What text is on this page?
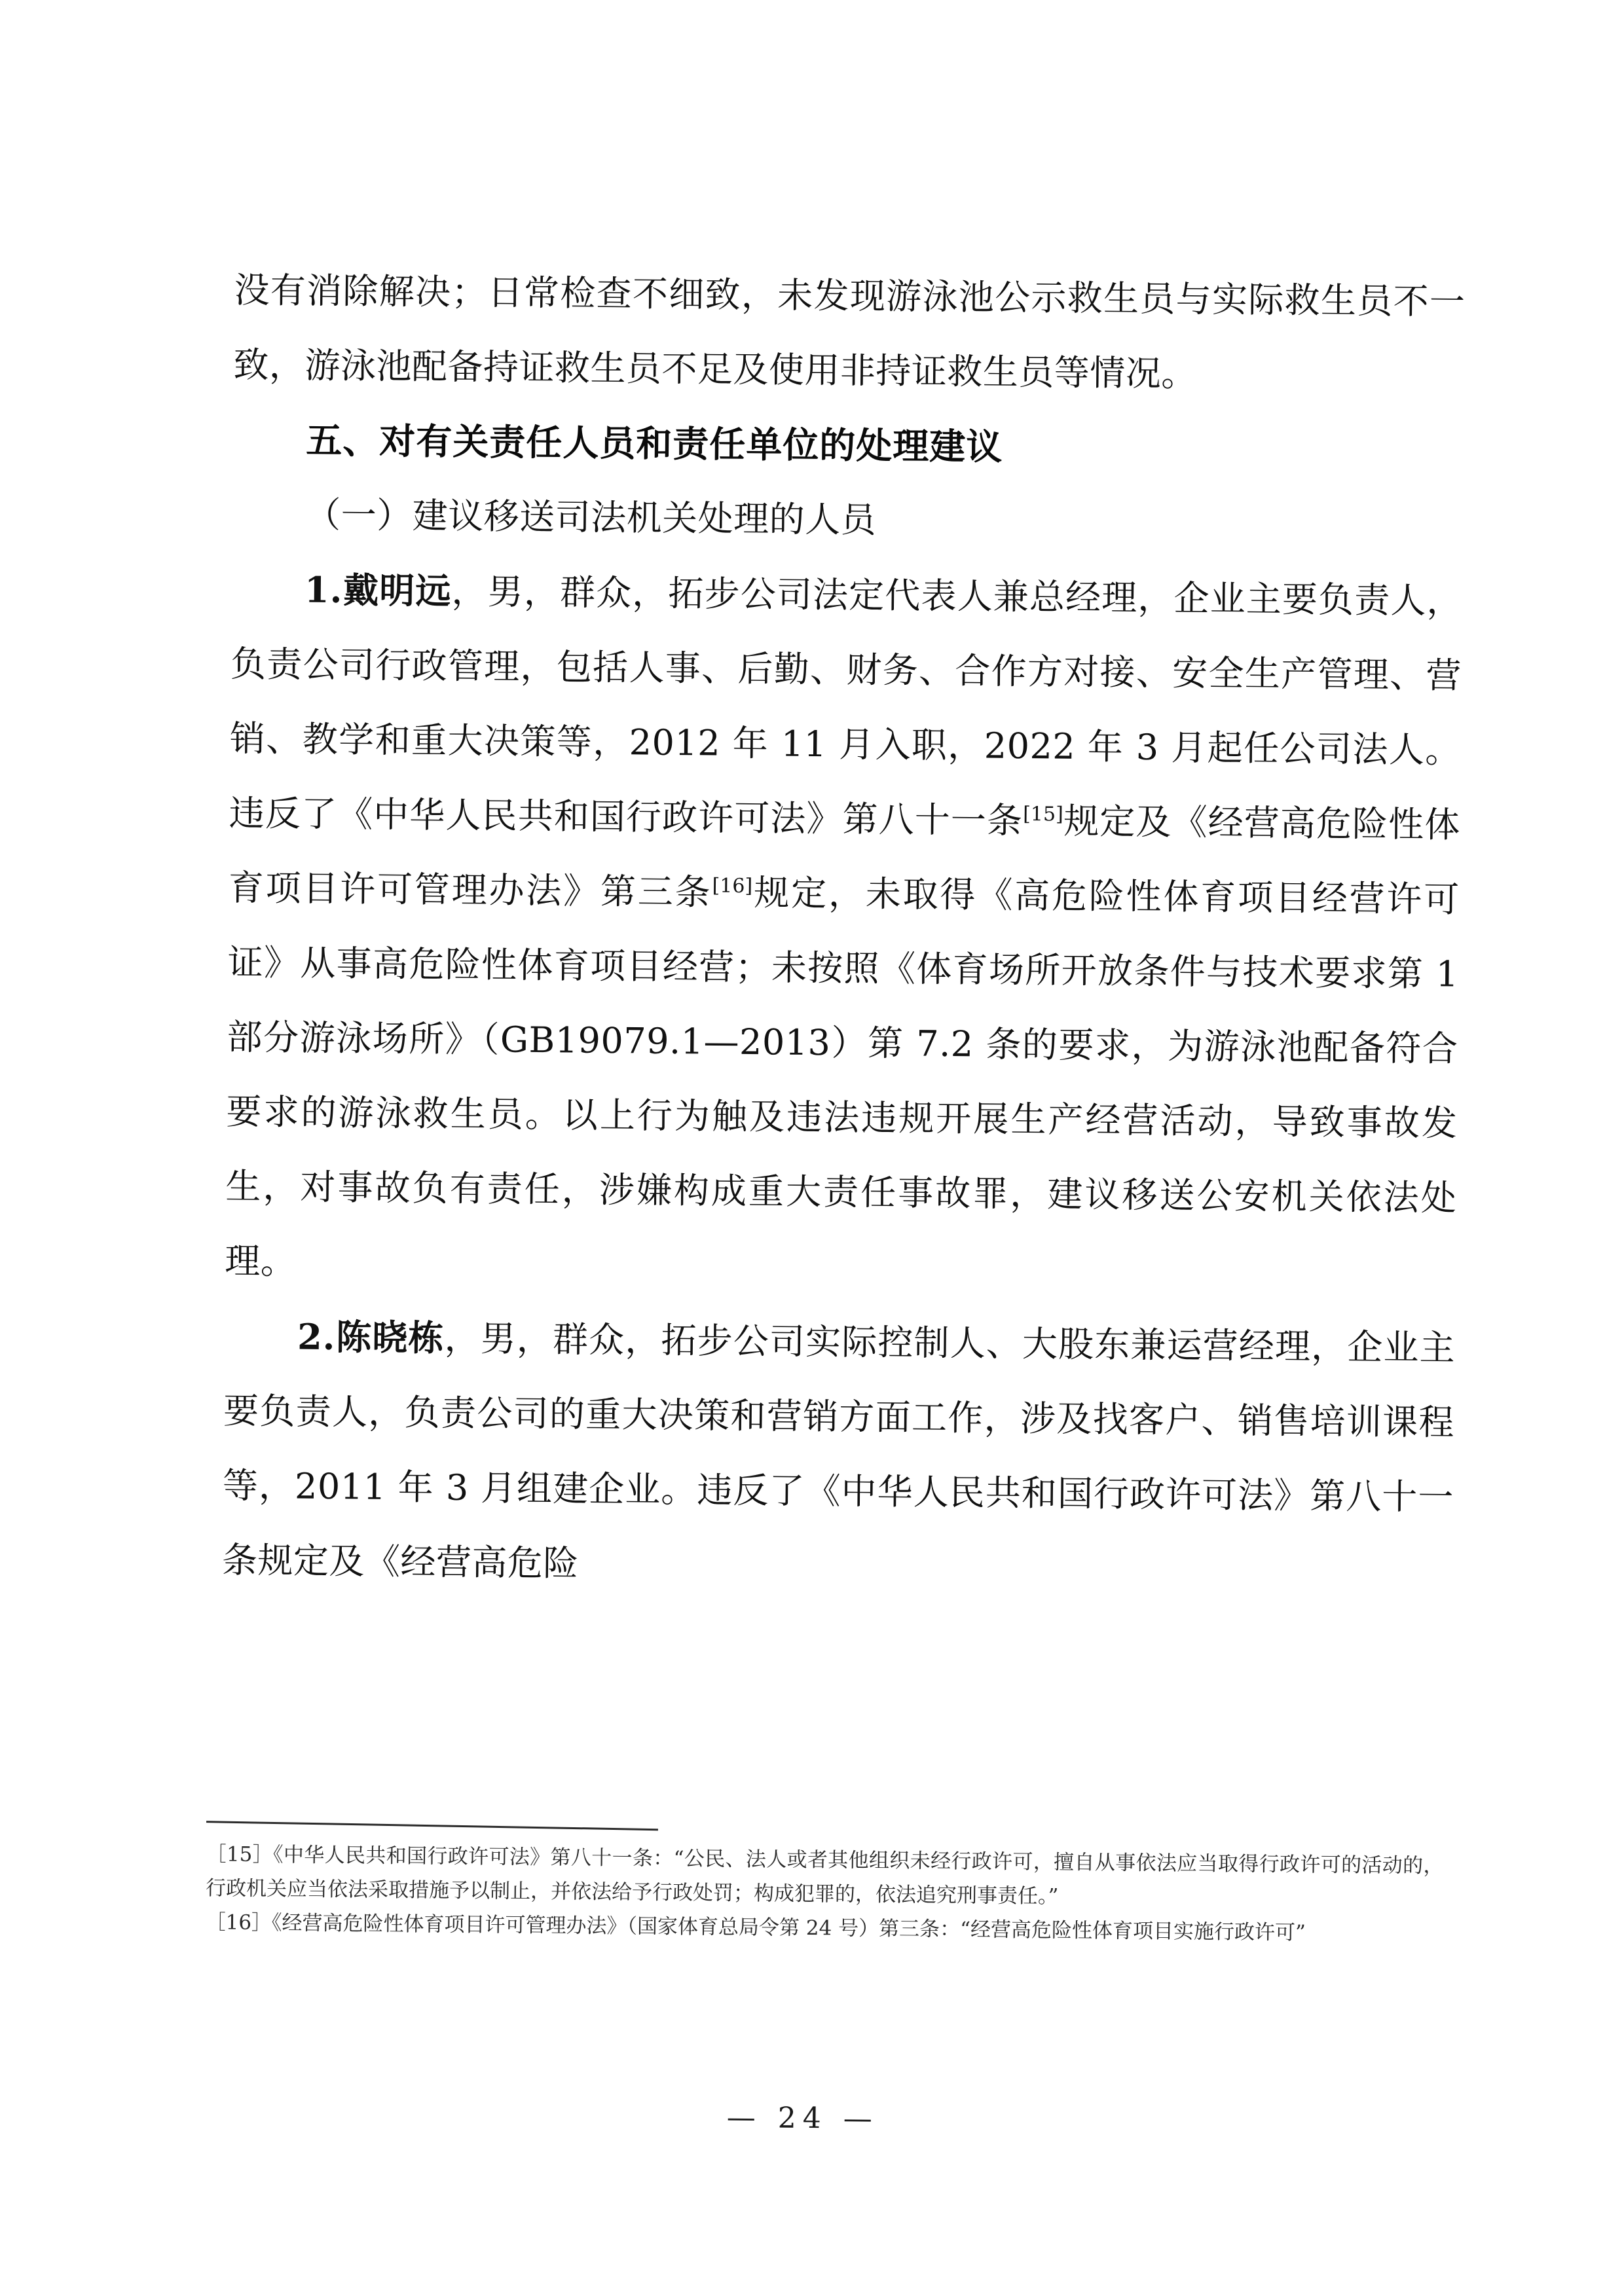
没有消除解决；日常检查不细致，未发现游泳池公示救生员与实际救生员不一致，游泳池配备持证救生员不足及使用非持证救生员等情况。

五、对有关责任人员和责任单位的处理建议

（一）建议移送司法机关处理的人员

1.戴明远，男，群众，拓步公司法定代表人兼总经理，企业主要负责人，负责公司行政管理，包括人事、后勤、财务、合作方对接、安全生产管理、营销、教学和重大决策等，2012 年 11 月入职，2022 年 3 月起任公司法人。违反了《中华人民共和国行政许可法》第八十一条[15]规定及《经营高危险性体育项目许可管理办法》第三条[16]规定，未取得《高危险性体育项目经营许可证》从事高危险性体育项目经营；未按照《体育场所开放条件与技术要求第 1 部分游泳场所》（GB19079.1—2013）第 7.2 条的要求，为游泳池配备符合要求的游泳救生员。以上行为触及违法违规开展生产经营活动，导致事故发生，对事故负有责任，涉嫌构成重大责任事故罪，建议移送公安机关依法处理。

2.陈晓栋，男，群众，拓步公司实际控制人、大股东兼运营经理，企业主要负责人，负责公司的重大决策和营销方面工作，涉及找客户、销售培训课程等，2011 年 3 月组建企业。违反了《中华人民共和国行政许可法》第八十一条规定及《经营高危险

［15］《中华人民共和国行政许可法》第八十一条：“公民、法人或者其他组织未经行政许可，擅自从事依法应当取得行政许可的活动的，行政机关应当依法采取措施予以制止，并依法给予行政处罚；构成犯罪的，依法追究刑事责任。”

［16］《经营高危险性体育项目许可管理办法》（国家体育总局令第 24 号）第三条：“经营高危险性体育项目实施行政许可”

— 24 —
